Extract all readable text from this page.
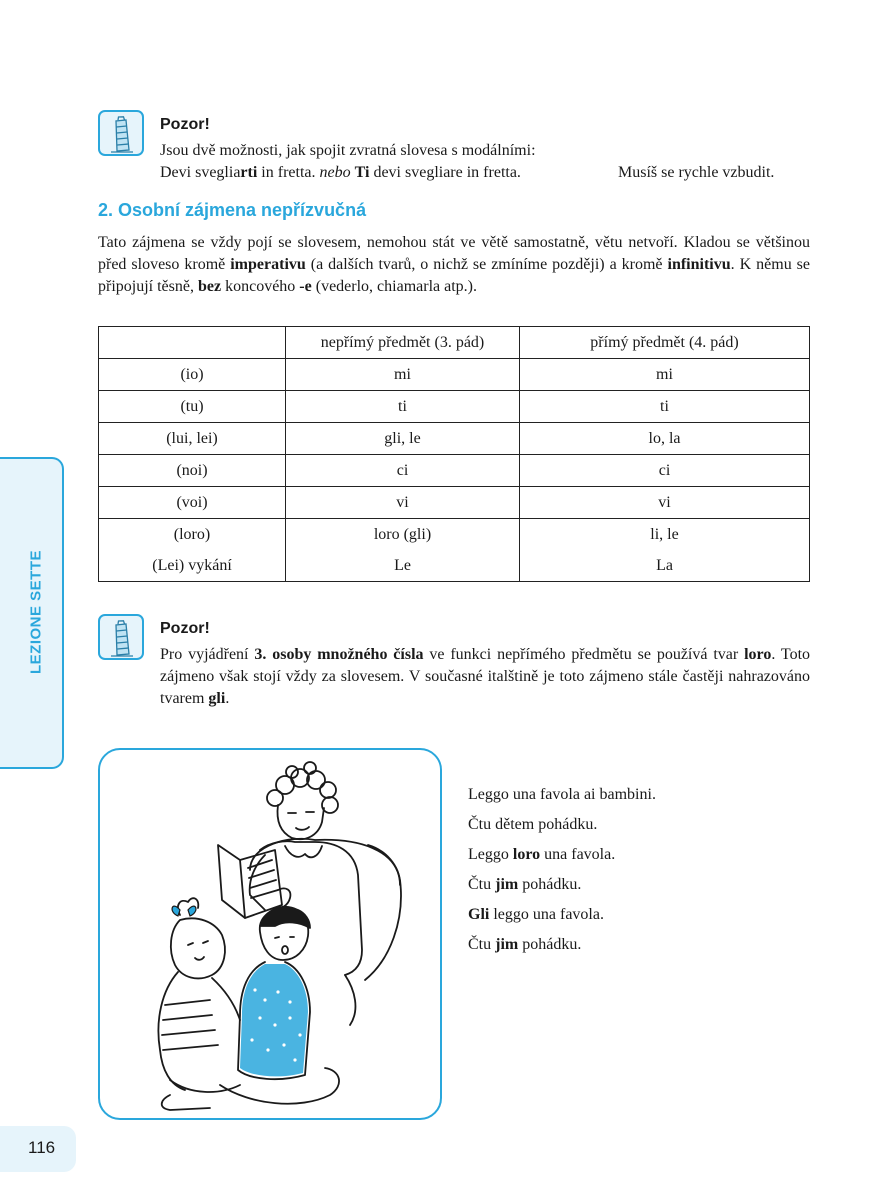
Pozor!
Jsou dvě možnosti, jak spojit zvratná slovesa s modálními:
Devi svegliarti in fretta. nebo Ti devi svegliare in fretta.	Musíš se rychle vzbudit.
2. Osobní zájmena nepřízvučná
Tato zájmena se vždy pojí se slovesem, nemohou stát ve větě samostatně, větu netvoří. Kladou se většinou před sloveso kromě imperativu (a dalších tvarů, o nichž se zmíníme později) a kromě infinitivu. K němu se připojují těsně, bez koncového -e (vederlo, chiamarla atp.).
	nepřímý předmět (3. pád)	přímý předmět (4. pád)
(io)	mi	mi
(tu)	ti	ti
(lui, lei)	gli, le	lo, la
(noi)	ci	ci
(voi)	vi	vi
(loro)	loro (gli)	li, le
(Lei) vykání	Le	La
LEZIONE SETTE	Pozor!
Pro vyjádření 3. osoby množného čísla ve funkci nepřímého předmětu se používá tvar loro. Toto zájmeno však stojí vždy za slovesem. V současné italštině je toto zájmeno stále častěji nahrazováno tvarem gli.
Leggo una favola ai bambini.
Čtu dětem pohádku.
Leggo loro una favola.
Čtu jim pohádku.
Gli leggo una favola.
Čtu jim pohádku.
116
